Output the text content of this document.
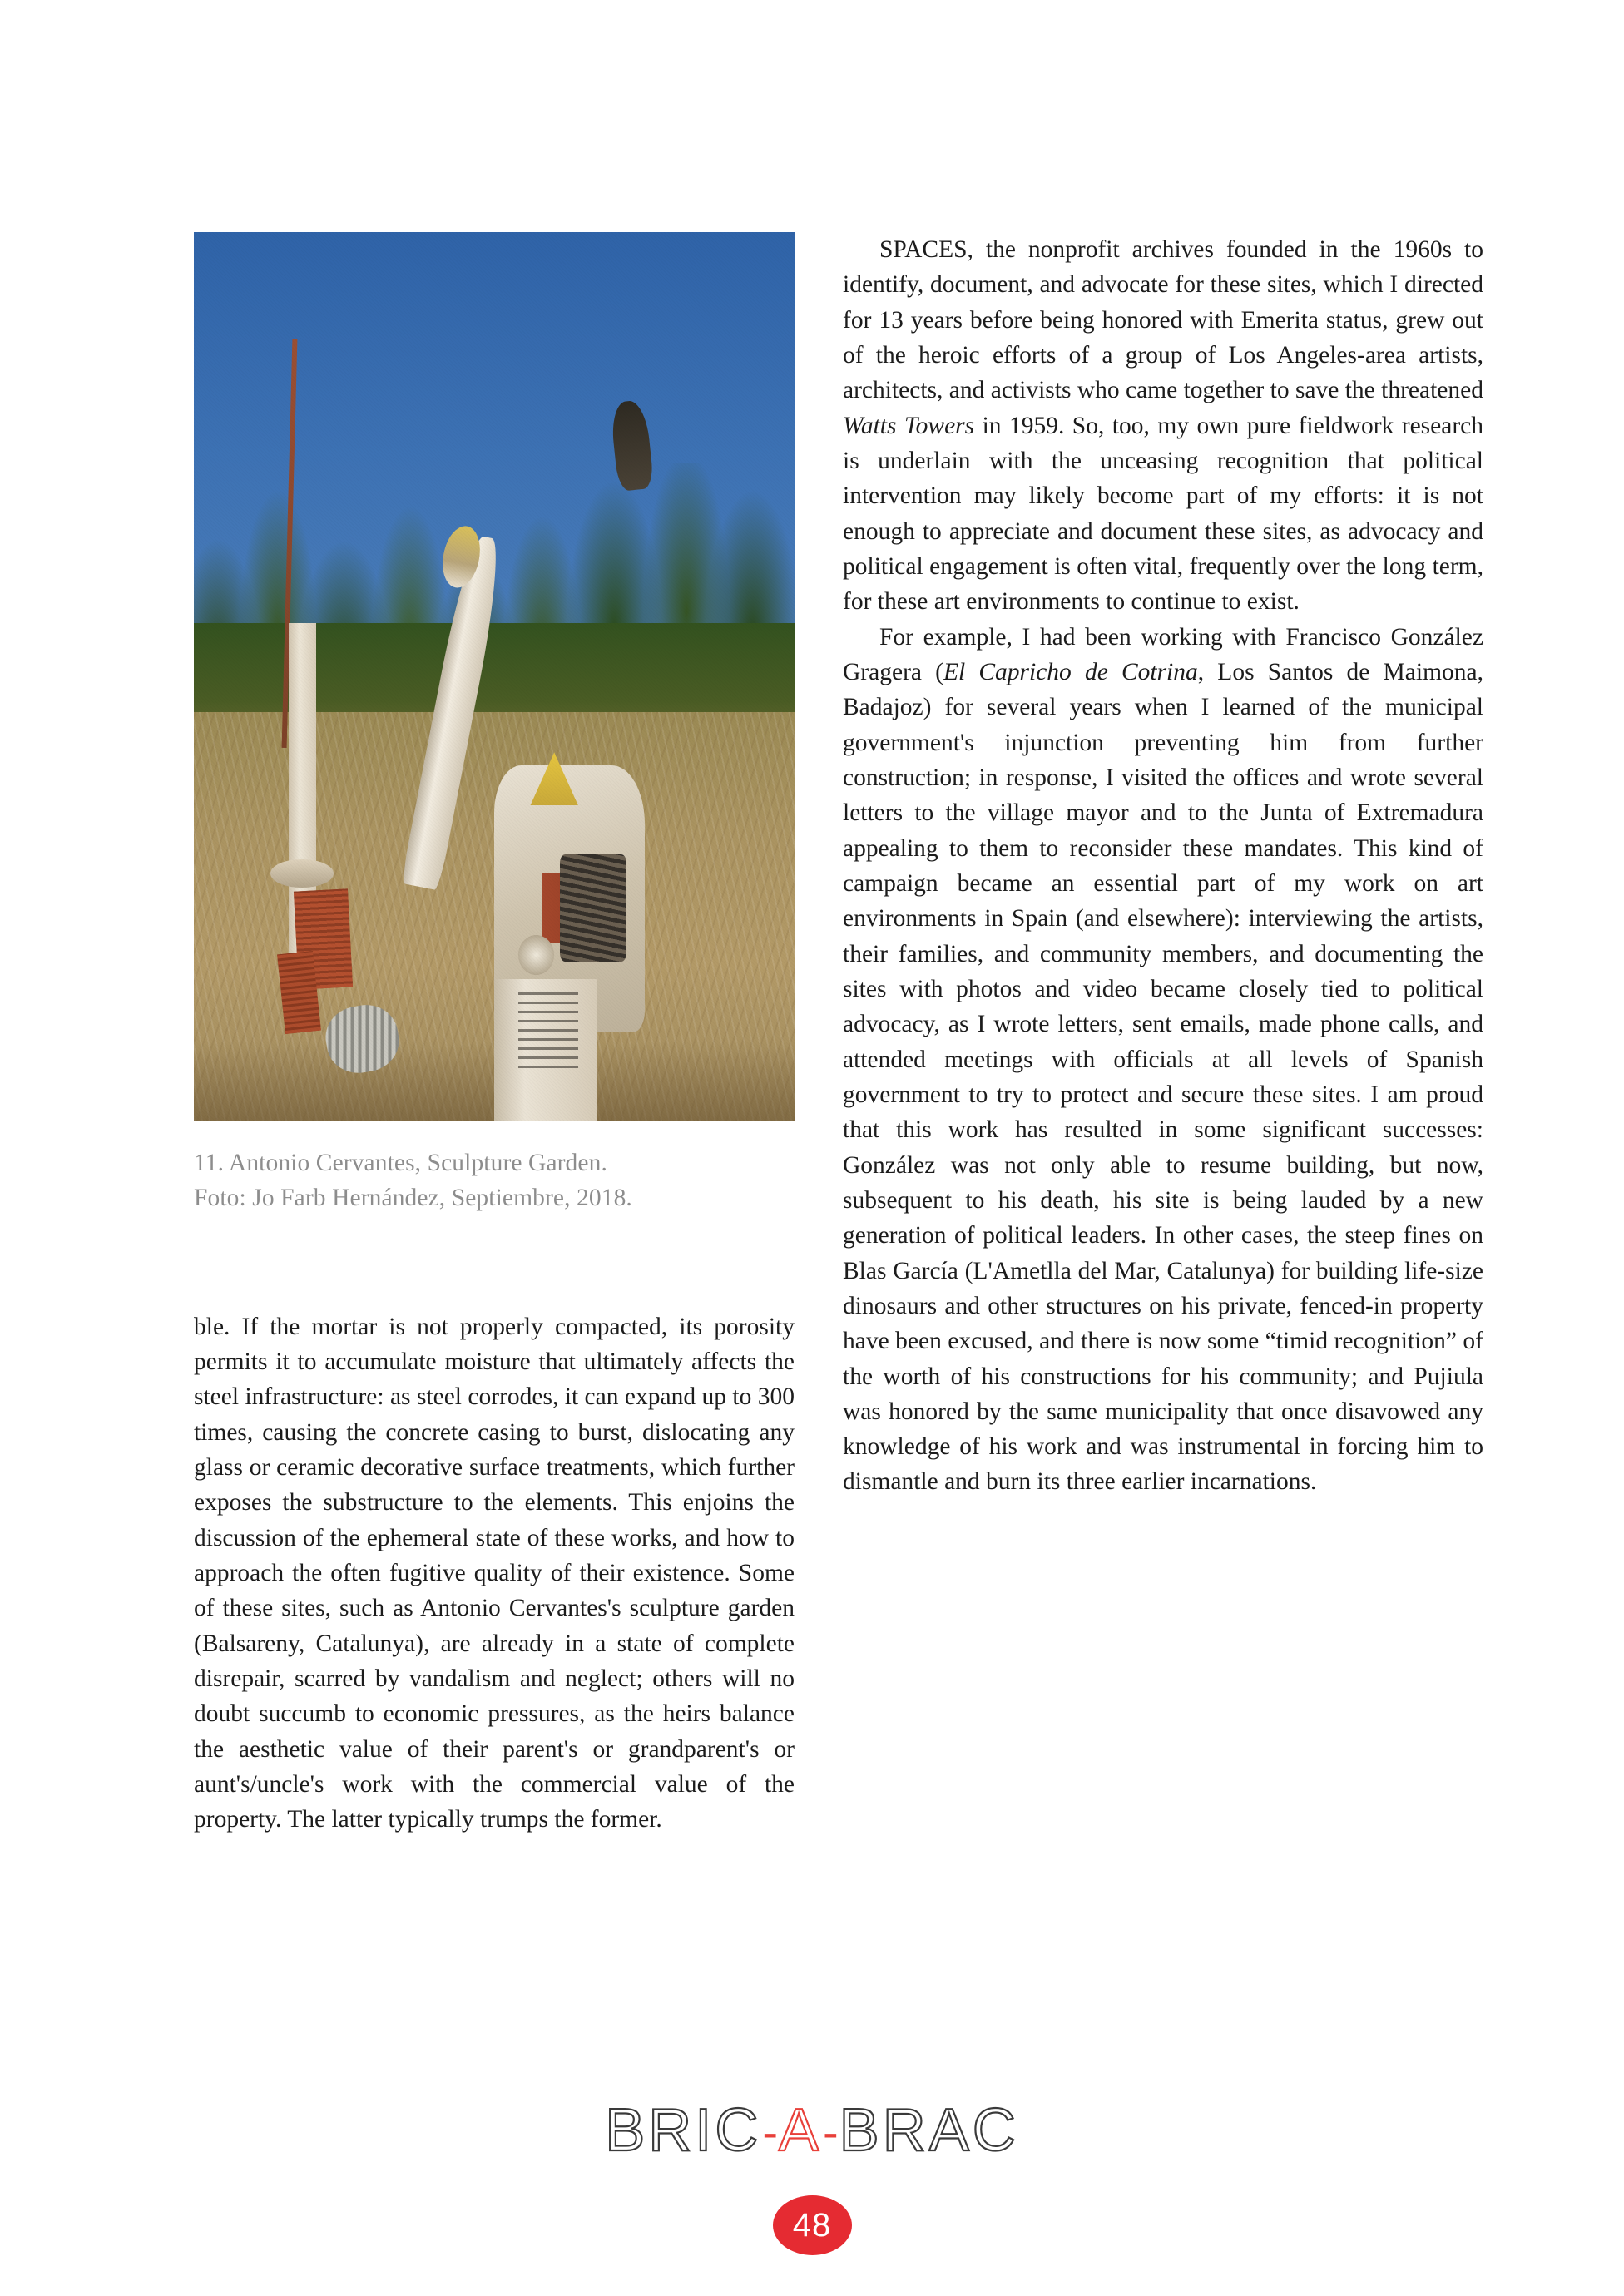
11. Antonio Cervantes, Sculpture Garden.
Foto: Jo Farb Hernández, Septiembre, 2018.

ble. If the mortar is not properly compacted, its porosity permits it to accumulate moisture that ultimately affects the steel infrastructure: as steel corrodes, it can expand up to 300 times, causing the concrete casing to burst, dislocating any glass or ceramic decorative surface treatments, which further exposes the substructure to the elements. This enjoins the discussion of the ephemeral state of these works, and how to approach the often fugitive quality of their existence. Some of these sites, such as Antonio Cervantes's sculpture garden (Balsareny, Catalunya), are already in a state of complete disrepair, scarred by vandalism and neglect; others will no doubt succumb to economic pressures, as the heirs balance the aesthetic value of their parent's or grandparent's or aunt's/uncle's work with the commercial value of the property. The latter typically trumps the former.

SPACES, the nonprofit archives founded in the 1960s to identify, document, and advocate for these sites, which I directed for 13 years before being honored with Emerita status, grew out of the heroic efforts of a group of Los Angeles-area artists, architects, and activists who came together to save the threatened Watts Towers in 1959. So, too, my own pure fieldwork research is underlain with the unceasing recognition that political intervention may likely become part of my efforts: it is not enough to appreciate and document these sites, as advocacy and political engagement is often vital, frequently over the long term, for these art environments to continue to exist.

For example, I had been working with Francisco González Gragera (El Capricho de Cotrina, Los Santos de Maimona, Badajoz) for several years when I learned of the municipal government's injunction preventing him from further construction; in response, I visited the offices and wrote several letters to the village mayor and to the Junta of Extremadura appealing to them to reconsider these mandates. This kind of campaign became an essential part of my work on art environments in Spain (and elsewhere): interviewing the artists, their families, and community members, and documenting the sites with photos and video became closely tied to political advocacy, as I wrote letters, sent emails, made phone calls, and attended meetings with officials at all levels of Spanish government to try to protect and secure these sites. I am proud that this work has resulted in some significant successes: González was not only able to resume building, but now, subsequent to his death, his site is being lauded by a new generation of political leaders. In other cases, the steep fines on Blas García (L'Ametlla del Mar, Catalunya) for building life-size dinosaurs and other structures on his private, fenced-in property have been excused, and there is now some “timid recognition” of the worth of his constructions for his community; and Pujiula was honored by the same municipality that once disavowed any knowledge of his work and was instrumental in forcing him to dismantle and burn its three earlier incarnations.

BRIC-A-BRAC
48
